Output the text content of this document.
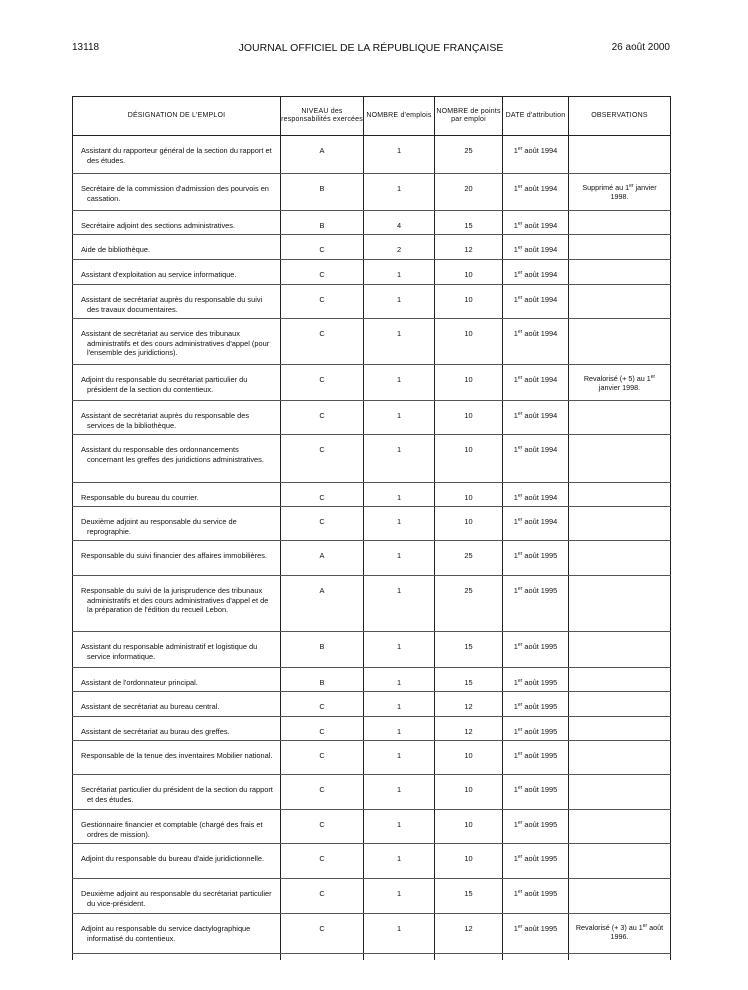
13118	JOURNAL OFFICIEL DE LA RÉPUBLIQUE FRANÇAISE	26 août 2000
DÉSIGNATION DE L'EMPLOI	NIVEAU des responsabilités exercées	NOMBRE d'emplois	NOMBRE de points par emploi	DATE d'attribution	OBSERVATIONS

Assistant du rapporteur général de la section du rapport et des études.	A	1	25	1er août 1994	

Secrétaire de la commission d'admission des pourvois en cassation.	B	1	20	1er août 1994	Supprimé au 1er janvier 1998.

Secrétaire adjoint des sections administratives.	B	4	15	1er août 1994	

Aide de bibliothèque.	C	2	12	1er août 1994	

Assistant d'exploitation au service informatique.	C	1	10	1er août 1994	

Assistant de secrétariat auprès du responsable du suivi des travaux documentaires.	C	1	10	1er août 1994	

Assistant de secrétariat au service des tribunaux administratifs et des cours administratives d'appel (pour l'ensemble des juridictions).	C	1	10	1er août 1994	

Adjoint du responsable du secrétariat particulier du président de la section du contentieux.	C	1	10	1er août 1994	Revalorisé (+ 5) au 1er janvier 1998.

Assistant de secrétariat auprès du responsable des services de la bibliothèque.	C	1	10	1er août 1994	

Assistant du responsable des ordonnancements concernant les greffes des juridictions administratives.	C	1	10	1er août 1994	

Responsable du bureau du courrier.	C	1	10	1er août 1994	

Deuxième adjoint au responsable du service de reprographie.	C	1	10	1er août 1994	

Responsable du suivi financier des affaires immobilières.	A	1	25	1er août 1995	

Responsable du suivi de la jurisprudence des tribunaux administratifs et des cours administratives d'appel et de la préparation de l'édition du recueil Lebon.	A	1	25	1er août 1995	

Assistant du responsable administratif et logistique du service informatique.	B	1	15	1er août 1995	

Assistant de l'ordonnateur principal.	B	1	15	1er août 1995	

Assistant de secrétariat au bureau central.	C	1	12	1er août 1995	

Assistant de secrétariat au burau des greffes.	C	1	12	1er août 1995	

Responsable de la tenue des inventaires Mobilier national.	C	1	10	1er août 1995	

Secrétariat particulier du président de la section du rapport et des études.	C	1	10	1er août 1995	

Gestionnaire financier et comptable (chargé des frais et ordres de mission).	C	1	10	1er août 1995	

Adjoint du responsable du bureau d'aide juridictionnelle.	C	1	10	1er août 1995	

Deuxième adjoint au responsable du secrétariat particulier du vice-président.	C	1	15	1er août 1995	

Adjoint au responsable du service dactylographique informatisé du contentieux.	C	1	12	1er août 1995	Revalorisé (+ 3) au 1er août 1996.
